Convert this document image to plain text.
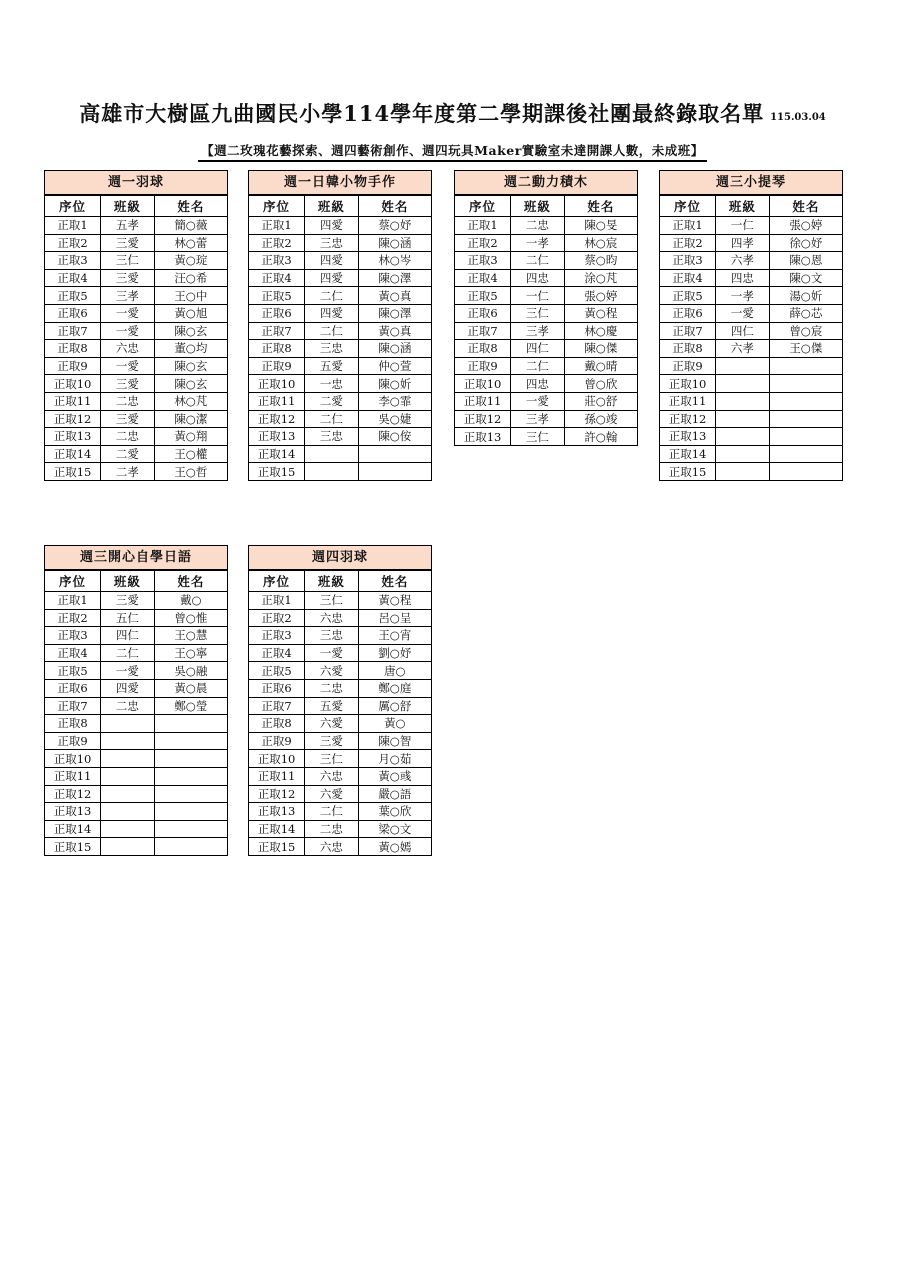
高雄市大樹區九曲國民小學114學年度第二學期課後社團最終錄取名單 115.03.04
【週二玫瑰花藝探索、週四藝術創作、週四玩具Maker實驗室未達開課人數，未成班】
週一羽球
序位	班級	姓名
正取1	五孝	簡○薇
正取2	三愛	林○蕾
正取3	三仁	黃○琔
正取4	三愛	汪○希
正取5	三孝	王○中
正取6	一愛	黃○旭
正取7	一愛	陳○玄
正取8	六忠	董○均
正取9	一愛	陳○玄
正取10	三愛	陳○玄
正取11	二忠	林○芃
正取12	三愛	陳○潔
正取13	二忠	黃○翔
正取14	二愛	王○權
正取15	二孝	王○哲
週一日韓小物手作
序位	班級	姓名
正取1	四愛	蔡○妤
正取2	三忠	陳○涵
正取3	四愛	林○岑
正取4	四愛	陳○澤
正取5	二仁	黃○真
正取6	四愛	陳○澤
正取7	二仁	黃○真
正取8	三忠	陳○涵
正取9	五愛	仲○萱
正取10	一忠	陳○妡
正取11	二愛	李○霏
正取12	二仁	吳○婕
正取13	三忠	陳○侒
正取14		
正取15		
週二動力積木
序位	班級	姓名
正取1	二忠	陳○旻
正取2	一孝	林○宸
正取3	二仁	蔡○昀
正取4	四忠	涂○芃
正取5	一仁	張○婷
正取6	三仁	黃○程
正取7	三孝	林○慶
正取8	四仁	陳○傑
正取9	二仁	戴○晴
正取10	四忠	曾○欣
正取11	一愛	莊○舒
正取12	三孝	孫○竣
正取13	三仁	許○翰
週三小提琴
序位	班級	姓名
正取1	一仁	張○婷
正取2	四孝	徐○妤
正取3	六孝	陳○恩
正取4	四忠	陳○文
正取5	一孝	湯○妡
正取6	一愛	薛○芯
正取7	四仁	曾○宸
正取8	六孝	王○傑
正取9		
正取10		
正取11		
正取12		
正取13		
正取14		
正取15		
週三開心自學日語
序位	班級	姓名
正取1	三愛	戴○
正取2	五仁	曾○惟
正取3	四仁	王○慧
正取4	二仁	王○寧
正取5	一愛	吳○融
正取6	四愛	黃○晨
正取7	二忠	鄭○瑩
正取8		
正取9		
正取10		
正取11		
正取12		
正取13		
正取14		
正取15		
週四羽球
序位	班級	姓名
正取1	三仁	黃○程
正取2	六忠	呂○呈
正取3	三忠	王○宵
正取4	一愛	劉○妤
正取5	六愛	唐○
正取6	二忠	鄭○庭
正取7	五愛	厲○舒
正取8	六愛	黃○
正取9	三愛	陳○智
正取10	三仁	月○茹
正取11	六忠	黃○彧
正取12	六愛	嚴○語
正取13	二仁	葉○欣
正取14	二忠	梁○文
正取15	六忠	黃○嫣
